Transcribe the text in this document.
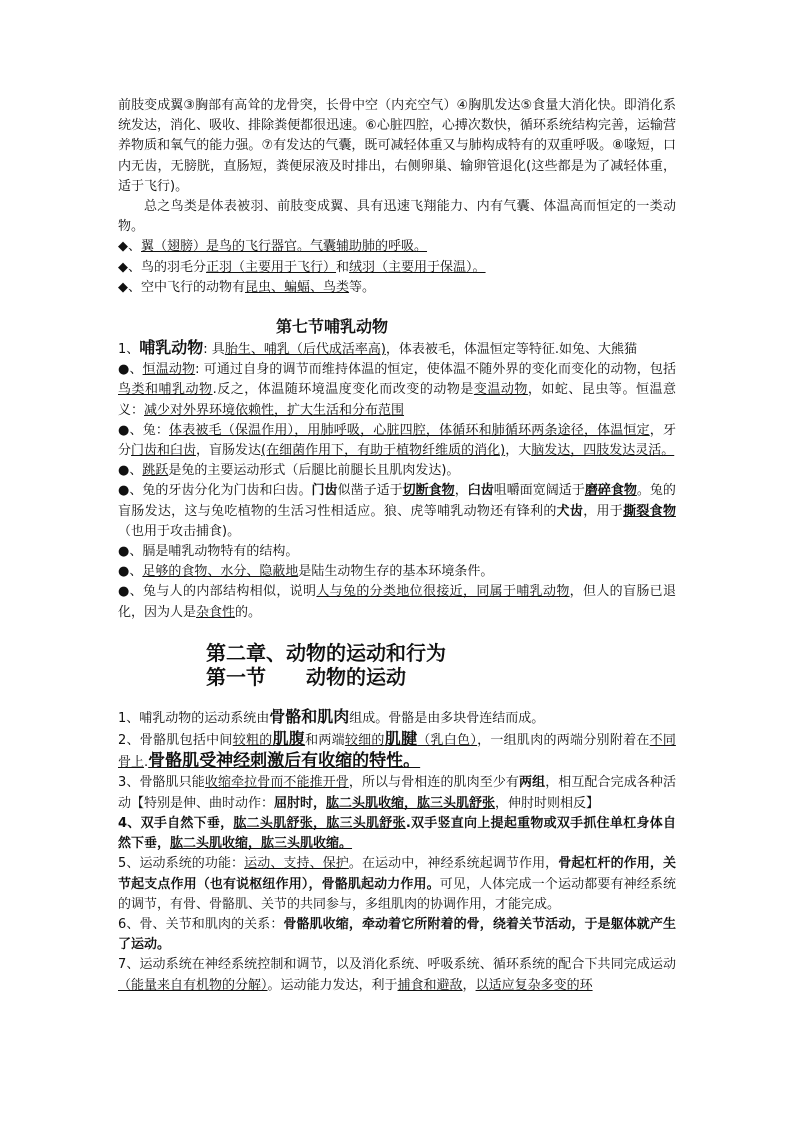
前肢变成翼③胸部有高耸的龙骨突，长骨中空（内充空气）④胸肌发达⑤食量大消化快。即消化系统发达，消化、吸收、排除粪便都很迅速。⑥心脏四腔，心搏次数快，循环系统结构完善，运输营养物质和氧气的能力强。⑦有发达的气囊，既可减轻体重又与肺构成特有的双重呼吸。⑧喙短，口内无齿，无膀胱，直肠短，粪便尿液及时排出，右侧卵巢、输卵管退化(这些都是为了减轻体重，适于飞行)。

总之鸟类是体表被羽、前肢变成翼、具有迅速飞翔能力、内有气囊、体温高而恒定的一类动物。

◆、翼（翅膀）是鸟的飞行器官。气囊辅助肺的呼吸。

◆、鸟的羽毛分正羽（主要用于飞行）和绒羽（主要用于保温）。

◆、空中飞行的动物有昆虫、蝙蝠、鸟类等。

第七节哺乳动物

1、哺乳动物: 具胎生、哺乳（后代成活率高)，体表被毛，体温恒定等特征.如兔、大熊猫

●、恒温动物: 可通过自身的调节而维持体温的恒定，使体温不随外界的变化而变化的动物，包括鸟类和哺乳动物.反之，体温随环境温度变化而改变的动物是变温动物，如蛇、昆虫等。恒温意义：减少对外界环境依赖性，扩大生活和分布范围

●、兔：体表被毛（保温作用），用肺呼吸，心脏四腔，体循环和肺循环两条途径，体温恒定，牙分门齿和臼齿，盲肠发达(在细菌作用下，有助于植物纤维质的消化)，大脑发达，四肢发达灵活。

●、跳跃是兔的主要运动形式（后腿比前腿长且肌肉发达)。

●、兔的牙齿分化为门齿和臼齿。门齿似凿子适于切断食物，臼齿咀嚼面宽阔适于磨碎食物。兔的盲肠发达，这与兔吃植物的生活习性相适应。狼、虎等哺乳动物还有锋利的犬齿，用于撕裂食物（也用于攻击捕食)。

●、膈是哺乳动物特有的结构。

●、足够的食物、水分、隐蔽地是陆生动物生存的基本环境条件。

●、兔与人的内部结构相似，说明人与兔的分类地位很接近，同属于哺乳动物，但人的盲肠已退化，因为人是杂食性的。

第二章、动物的运动和行为

第一节　　动物的运动

1、哺乳动物的运动系统由骨骼和肌肉组成。骨骼是由多块骨连结而成。

2、骨骼肌包括中间较粗的肌腹和两端较细的肌腱（乳白色），一组肌肉的两端分别附着在不同骨上.骨骼肌受神经刺激后有收缩的特性。

3、骨骼肌只能收缩牵拉骨而不能推开骨，所以与骨相连的肌肉至少有两组，相互配合完成各种活动【特别是伸、曲时动作：屈肘时，肱二头肌收缩，肱三头肌舒张，伸肘时则相反】

4、双手自然下垂，肱二头肌舒张，肱三头肌舒张.双手竖直向上提起重物或双手抓住单杠身体自然下垂，肱二头肌收缩，肱三头肌收缩。

5、运动系统的功能：运动、支持、保护。在运动中，神经系统起调节作用，骨起杠杆的作用，关节起支点作用（也有说枢纽作用），骨骼肌起动力作用。可见，人体完成一个运动都要有神经系统的调节，有骨、骨骼肌、关节的共同参与，多组肌肉的协调作用，才能完成。

6、骨、关节和肌肉的关系：骨骼肌收缩，牵动着它所附着的骨，绕着关节活动，于是躯体就产生了运动。

7、运动系统在神经系统控制和调节，以及消化系统、呼吸系统、循环系统的配合下共同完成运动（能量来自有机物的分解）。运动能力发达，利于捕食和避敌，以适应复杂多变的环
